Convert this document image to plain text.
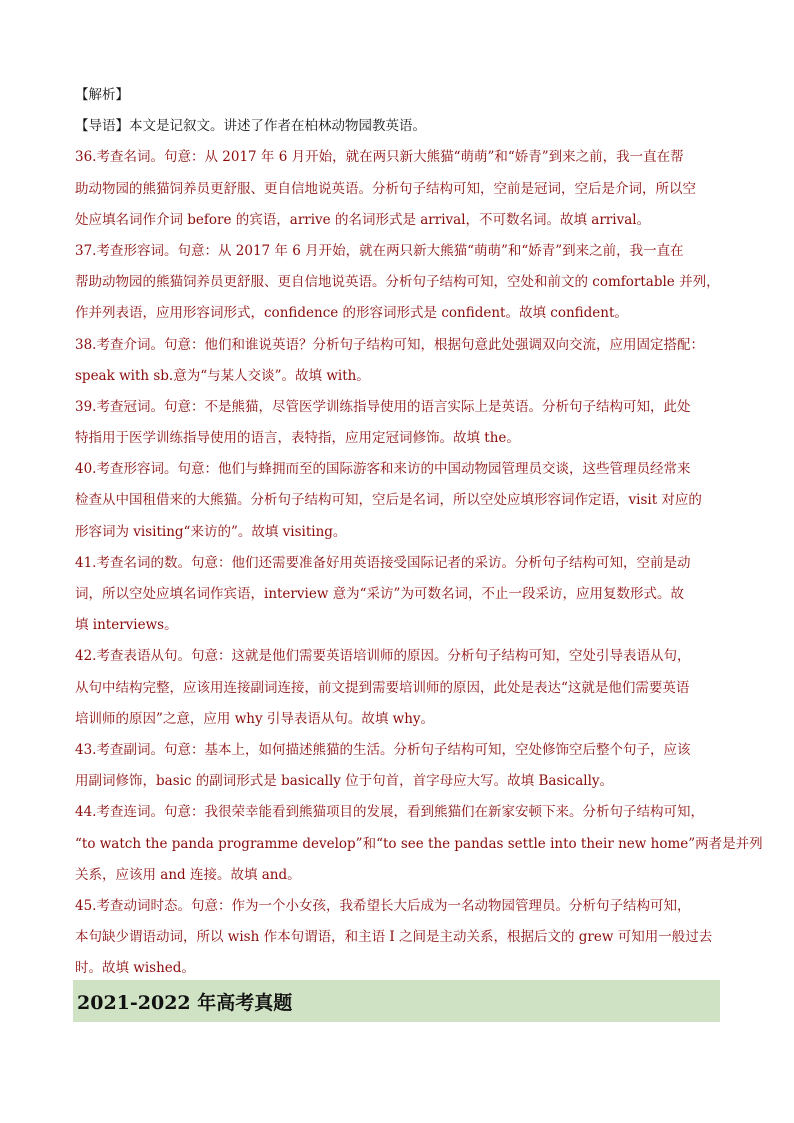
【解析】
【导语】本文是记叙文。讲述了作者在柏林动物园教英语。
36.考查名词。句意：从 2017 年 6 月开始，就在两只新大熊猫“萌萌”和“娇青”到来之前，我一直在帮
助动物园的熊猫饲养员更舒服、更自信地说英语。分析句子结构可知，空前是冠词，空后是介词，所以空
处应填名词作介词 before 的宾语，arrive 的名词形式是 arrival，不可数名词。故填 arrival。
37.考查形容词。句意：从 2017 年 6 月开始，就在两只新大熊猫“萌萌”和“娇青”到来之前，我一直在
帮助动物园的熊猫饲养员更舒服、更自信地说英语。分析句子结构可知，空处和前文的 comfortable 并列，
作并列表语，应用形容词形式，confidence 的形容词形式是 confident。故填 confident。
38.考查介词。句意：他们和谁说英语？分析句子结构可知，根据句意此处强调双向交流，应用固定搭配：
speak with sb.意为“与某人交谈”。故填 with。
39.考查冠词。句意：不是熊猫，尽管医学训练指导使用的语言实际上是英语。分析句子结构可知，此处
特指用于医学训练指导使用的语言，表特指，应用定冠词修饰。故填 the。
40.考查形容词。句意：他们与蜂拥而至的国际游客和来访的中国动物园管理员交谈，这些管理员经常来
检查从中国租借来的大熊猫。分析句子结构可知，空后是名词，所以空处应填形容词作定语，visit 对应的
形容词为 visiting“来访的”。故填 visiting。
41.考查名词的数。句意：他们还需要准备好用英语接受国际记者的采访。分析句子结构可知，空前是动
词，所以空处应填名词作宾语，interview 意为“采访”为可数名词，不止一段采访，应用复数形式。故
填 interviews。
42.考查表语从句。句意：这就是他们需要英语培训师的原因。分析句子结构可知，空处引导表语从句，
从句中结构完整，应该用连接副词连接，前文提到需要培训师的原因，此处是表达“这就是他们需要英语
培训师的原因”之意，应用 why 引导表语从句。故填 why。
43.考查副词。句意：基本上，如何描述熊猫的生活。分析句子结构可知，空处修饰空后整个句子，应该
用副词修饰，basic 的副词形式是 basically 位于句首，首字母应大写。故填 Basically。
44.考查连词。句意：我很荣幸能看到熊猫项目的发展，看到熊猫们在新家安顿下来。分析句子结构可知，
“to watch the panda programme develop”和“to see the pandas settle into their new home”两者是并列
关系，应该用 and 连接。故填 and。
45.考查动词时态。句意：作为一个小女孩，我希望长大后成为一名动物园管理员。分析句子结构可知，
本句缺少谓语动词，所以 wish 作本句谓语，和主语 I 之间是主动关系，根据后文的 grew 可知用一般过去
时。故填 wished。
2021-2022 年高考真题
